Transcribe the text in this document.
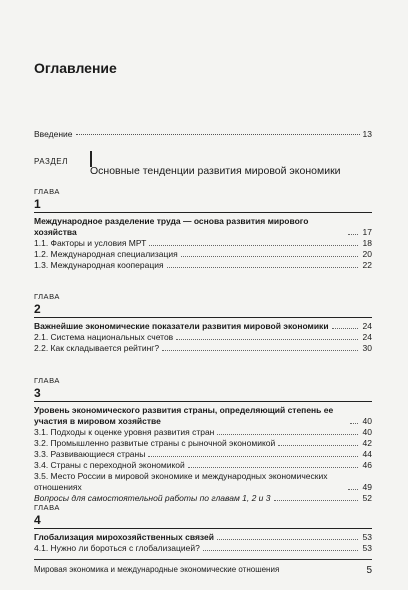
Оглавление
Введение	13
РАЗДЕЛ
Основные тенденции развития мировой экономики
ГЛАВА
1
Международное разделение труда — основа развития мирового хозяйства	17
1.1. Факторы и условия МРТ	18
1.2. Международная специализация	20
1.3. Международная кооперация	22
ГЛАВА
2
Важнейшие экономические показатели развития мировой экономики	24
2.1. Система национальных счетов	24
2.2. Как складывается рейтинг?	30
ГЛАВА
3
Уровень экономического развития страны, определяющий степень ее участия в мировом хозяйстве	40
3.1. Подходы к оценке уровня развития стран	40
3.2. Промышленно развитые страны с рыночной экономикой	42
3.3. Развивающиеся страны	44
3.4. Страны с переходной экономикой	46
3.5. Место России в мировой экономике и международных экономических отношениях	49
Вопросы для самостоятельной работы по главам 1, 2 и 3	52
ГЛАВА
4
Глобализация мирохозяйственных связей	53
4.1. Нужно ли бороться с глобализацией?	53
Мировая экономика и международные экономические отношения	5
